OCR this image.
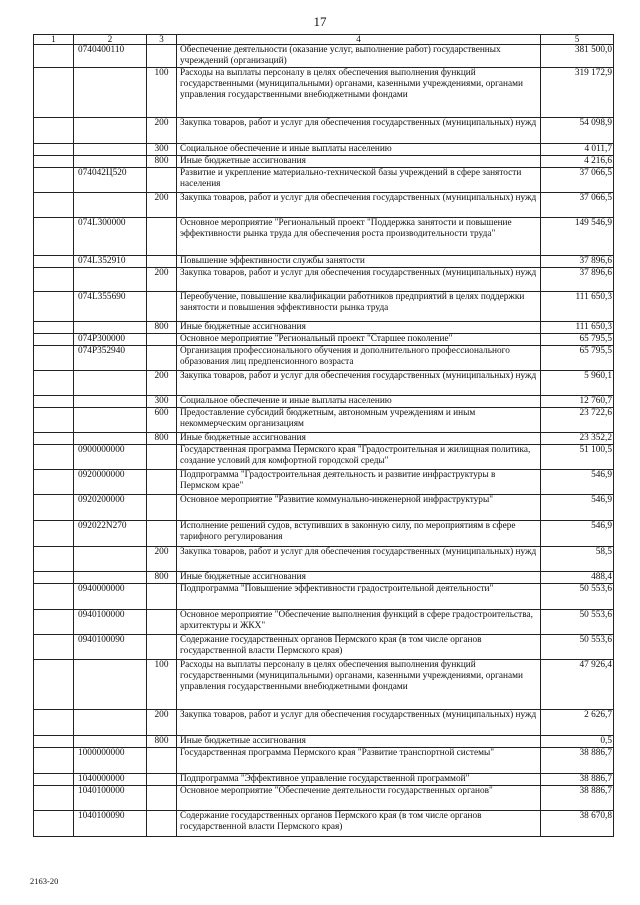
17
1	2	3	4	5
	0740400110		Обеспечение деятельности (оказание услуг, выполнение работ) государственных учреждений (организаций)	381 500,0
		100	Расходы на выплаты персоналу в целях обеспечения выполнения функций государственными (муниципальными) органами, казенными учреждениями, органами управления государственными внебюджетными фондами	319 172,9
		200	Закупка товаров, работ и услуг для обеспечения государственных (муниципальных) нужд	54 098,9
		300	Социальное обеспечение и иные выплаты населению	4 011,7
		800	Иные бюджетные ассигнования	4 216,6
	074042Ц520		Развитие и укрепление материально-технической базы учреждений в сфере занятости населения	37 066,5
		200	Закупка товаров, работ и услуг для обеспечения государственных (муниципальных) нужд	37 066,5
	074L300000		Основное мероприятие "Региональный проект "Поддержка занятости и повышение эффективности рынка труда для обеспечения роста производительности труда"	149 546,9
	074L352910		Повышение эффективности службы занятости	37 896,6
		200	Закупка товаров, работ и услуг для обеспечения государственных (муниципальных) нужд	37 896,6
	074L355690		Переобучение, повышение квалификации работников предприятий в целях поддержки занятости и повышения эффективности рынка труда	111 650,3
		800	Иные бюджетные ассигнования	111 650,3
	074P300000		Основное мероприятие "Региональный проект "Старшее поколение"	65 795,5
	074P352940		Организация профессионального обучения и дополнительного профессионального образования лиц предпенсионного возраста	65 795,5
		200	Закупка товаров, работ и услуг для обеспечения государственных (муниципальных) нужд	5 960,1
		300	Социальное обеспечение и иные выплаты населению	12 760,7
		600	Предоставление субсидий бюджетным, автономным учреждениям и иным некоммерческим организациям	23 722,6
		800	Иные бюджетные ассигнования	23 352,2
	0900000000		Государственная программа Пермского края "Градостроительная и жилищная политика, создание условий для комфортной городской среды"	51 100,5
	0920000000		Подпрограмма "Градостроительная деятельность и развитие инфраструктуры в Пермском крае"	546,9
	0920200000		Основное мероприятие "Развитие коммунально-инженерной инфраструктуры"	546,9
	092022N270		Исполнение решений судов, вступивших в законную силу, по мероприятиям в сфере тарифного регулирования	546,9
		200	Закупка товаров, работ и услуг для обеспечения государственных (муниципальных) нужд	58,5
		800	Иные бюджетные ассигнования	488,4
	0940000000		Подпрограмма "Повышение эффективности градостроительной деятельности"	50 553,6
	0940100000		Основное мероприятие "Обеспечение выполнения функций в сфере градостроительства, архитектуры и ЖКХ"	50 553,6
	0940100090		Содержание государственных органов Пермского края (в том числе органов государственной власти Пермского края)	50 553,6
		100	Расходы на выплаты персоналу в целях обеспечения выполнения функций государственными (муниципальными) органами, казенными учреждениями, органами управления государственными внебюджетными фондами	47 926,4
		200	Закупка товаров, работ и услуг для обеспечения государственных (муниципальных) нужд	2 626,7
		800	Иные бюджетные ассигнования	0,5
	1000000000		Государственная программа Пермского края "Развитие транспортной системы"	38 886,7
	1040000000		Подпрограмма "Эффективное управление государственной программой"	38 886,7
	1040100000		Основное мероприятие "Обеспечение деятельности государственных органов"	38 886,7
	1040100090		Содержание государственных органов Пермского края (в том числе органов государственной власти Пермского края)	38 670,8
2163-20
